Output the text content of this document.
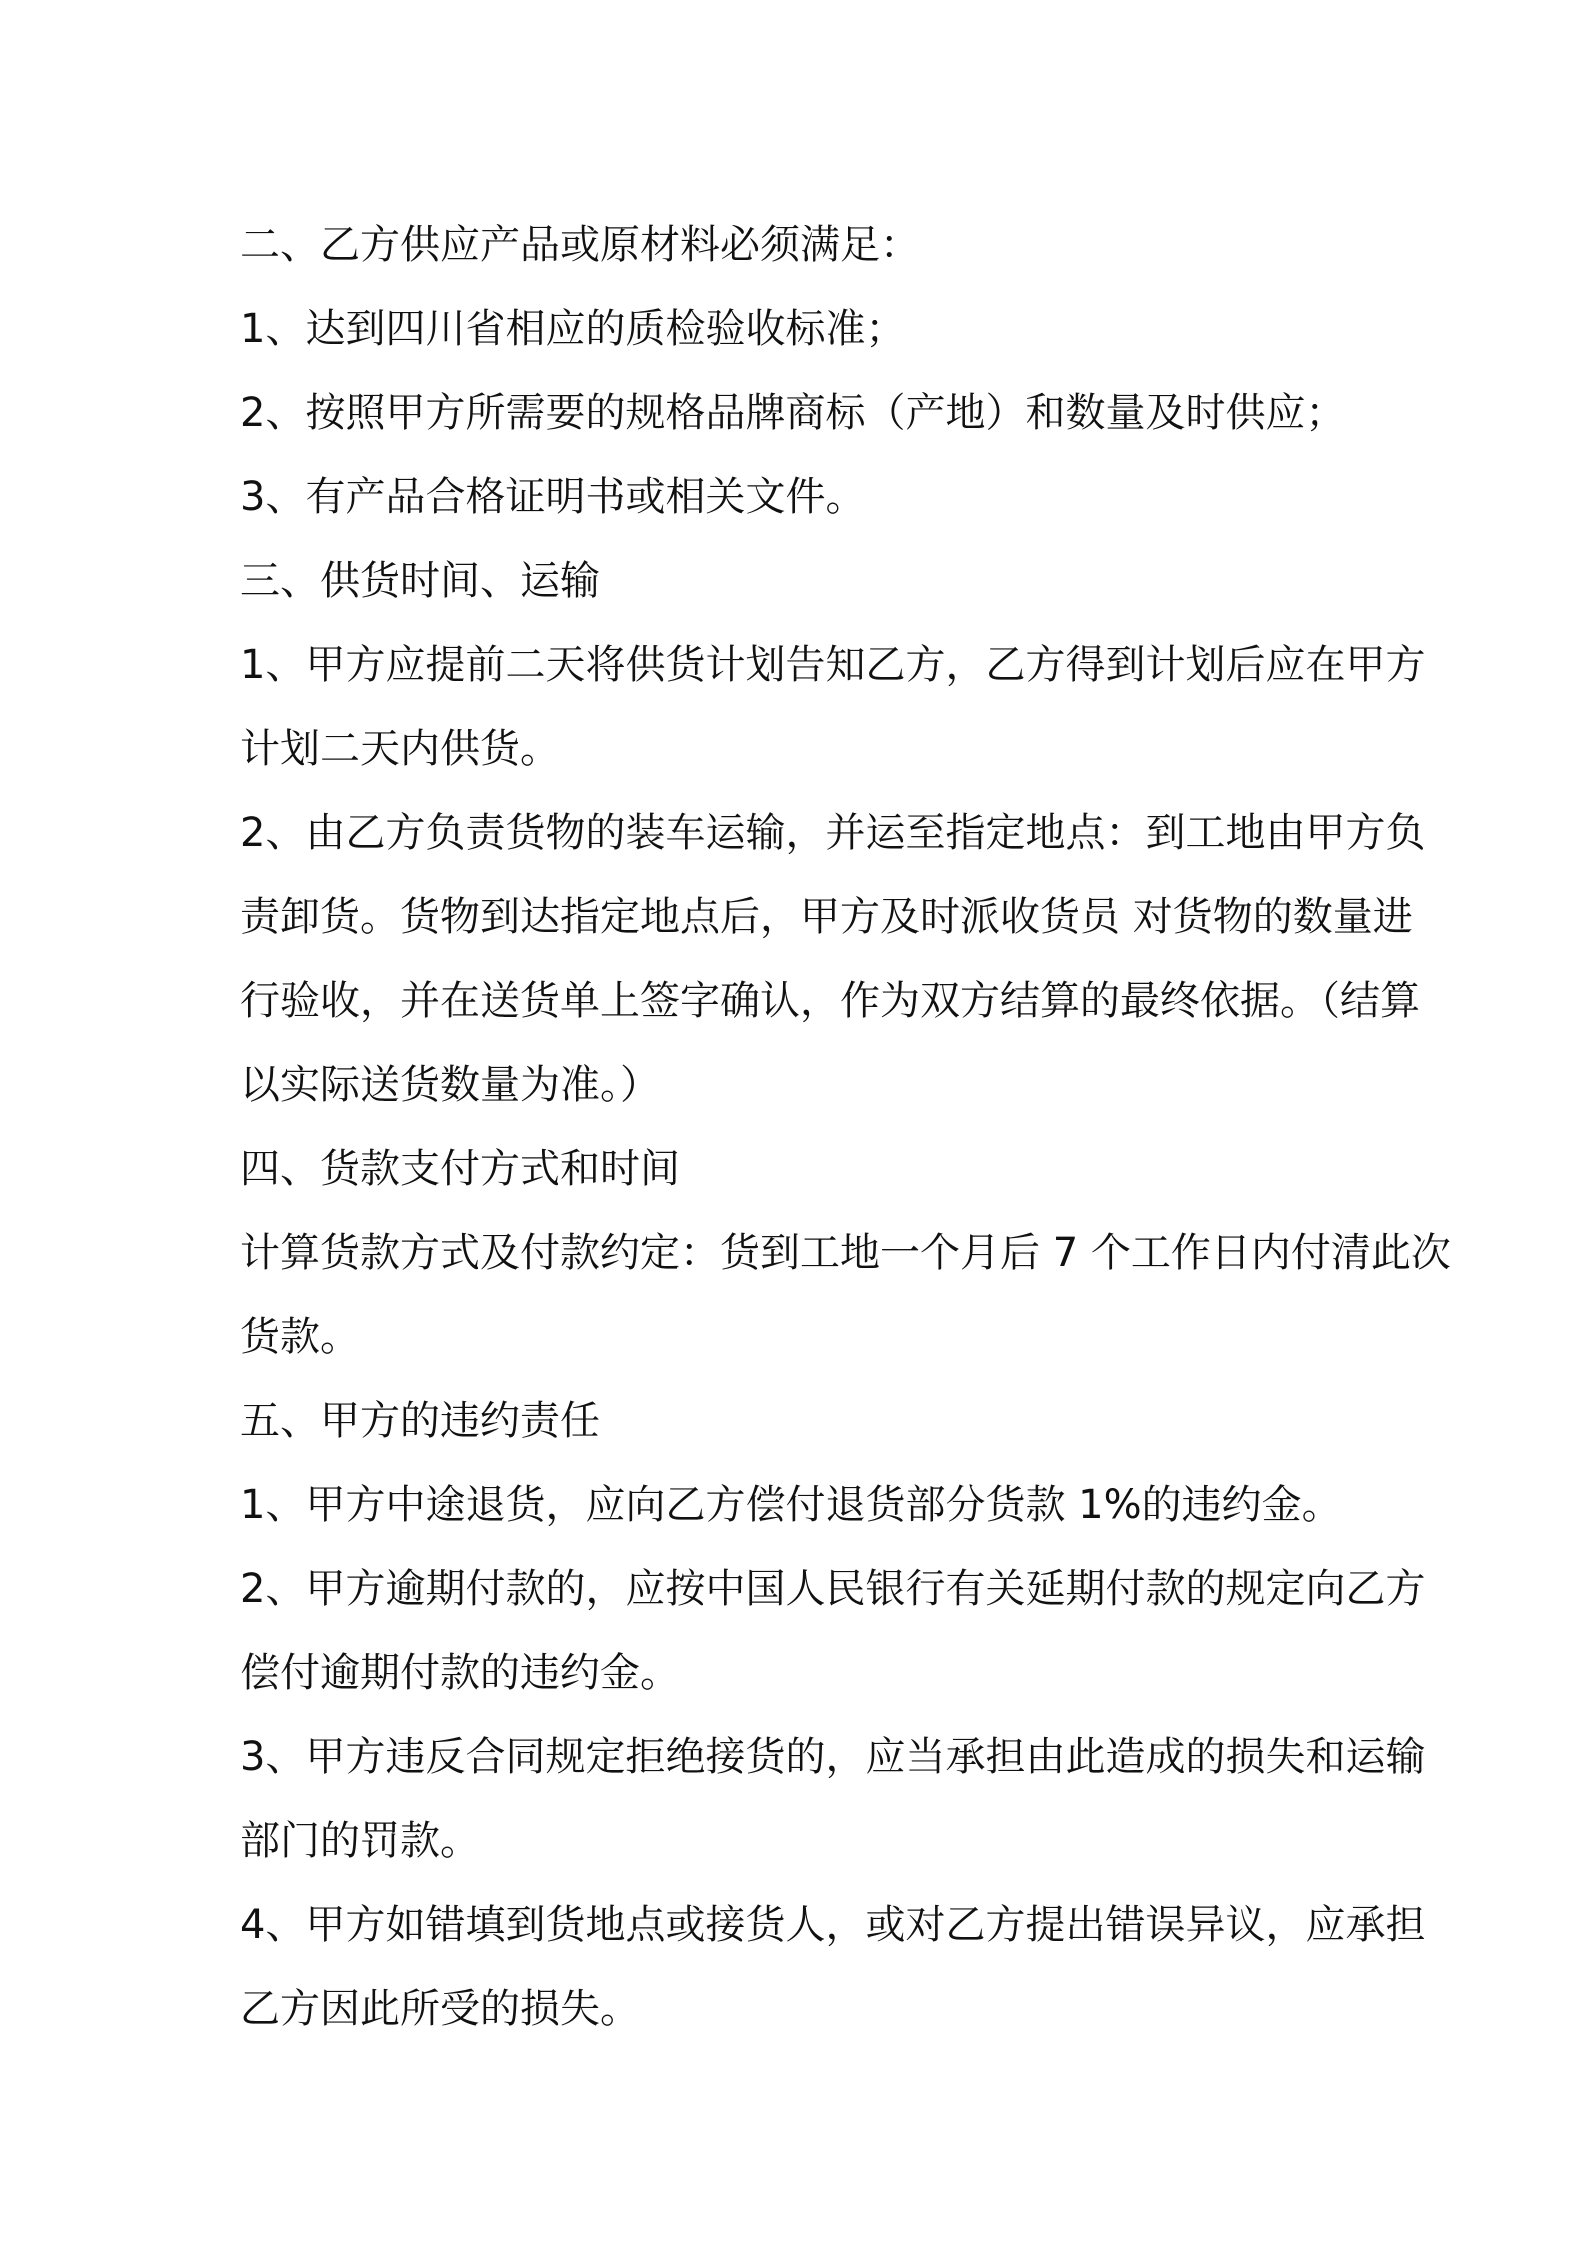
二、乙方供应产品或原材料必须满足：

1、达到四川省相应的质检验收标准；

2、按照甲方所需要的规格品牌商标（产地）和数量及时供应；

3、有产品合格证明书或相关文件。

三、供货时间、运输

1、甲方应提前二天将供货计划告知乙方，乙方得到计划后应在甲方
计划二天内供货。

2、由乙方负责货物的装车运输，并运至指定地点：到工地由甲方负
责卸货。货物到达指定地点后，甲方及时派收货员 对货物的数量进
行验收，并在送货单上签字确认，作为双方结算的最终依据。（结算
以实际送货数量为准。）

四、货款支付方式和时间

计算货款方式及付款约定：货到工地一个月后 7 个工作日内付清此次
货款。

五、甲方的违约责任

1、甲方中途退货，应向乙方偿付退货部分货款 1%的违约金。

2、甲方逾期付款的，应按中国人民银行有关延期付款的规定向乙方
偿付逾期付款的违约金。

3、甲方违反合同规定拒绝接货的，应当承担由此造成的损失和运输
部门的罚款。

4、甲方如错填到货地点或接货人，或对乙方提出错误异议，应承担
乙方因此所受的损失。
